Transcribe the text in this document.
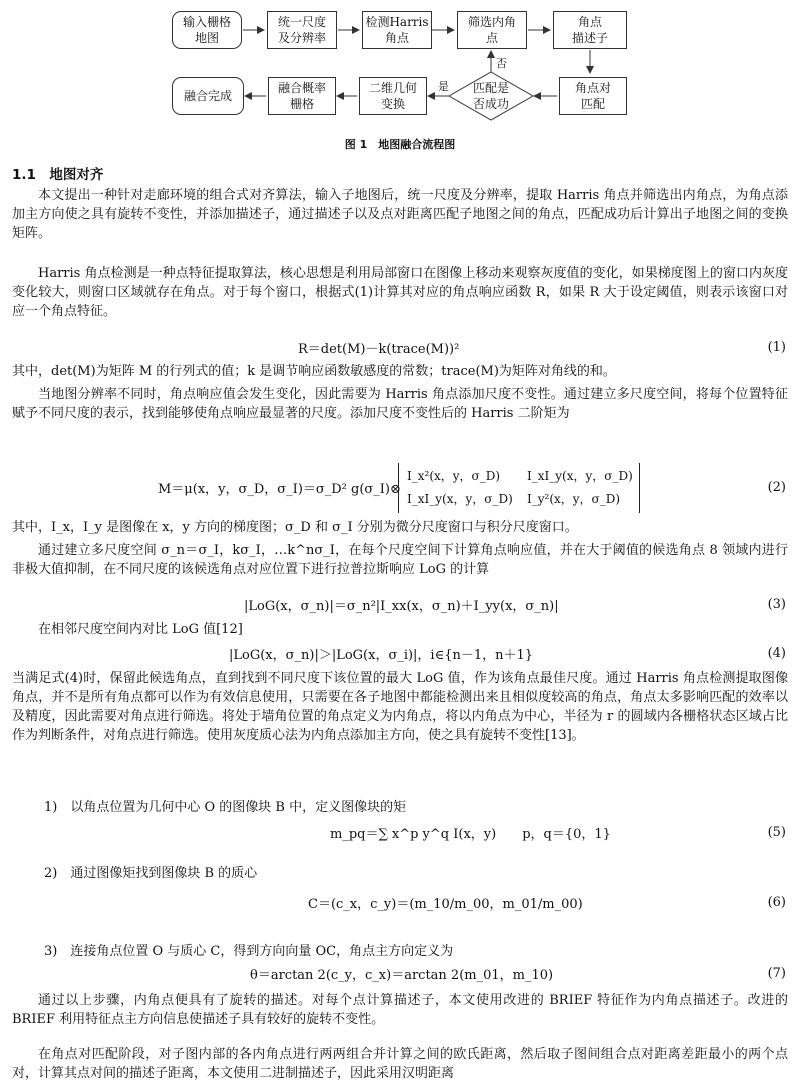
输入栅格
地图
统一尺度
及分辨率
检测Harris
角点
筛选内角
点
角点
描述子
角点对
匹配
匹配是
否成功
二维几何
变换
融合概率
栅格
融合完成
是
否
图 1　地图融合流程图
1.1　地图对齐
本文提出一种针对走廊环境的组合式对齐算法，输入子地图后，统一尺度及分辨率，提取 Harris 角点并筛选出内角点，为角点添加主方向使之具有旋转不变性，并添加描述子，通过描述子以及点对距离匹配子地图之间的角点，匹配成功后计算出子地图之间的变换矩阵。
Harris 角点检测是一种点特征提取算法，核心思想是利用局部窗口在图像上移动来观察灰度值的变化，如果梯度图上的窗口内灰度变化较大，则窗口区域就存在角点。对于每个窗口，根据式(1)计算其对应的角点响应函数 R，如果 R 大于设定阈值，则表示该窗口对应一个角点特征。
R＝det(M)－k(trace(M))²	(1)
其中，det(M)为矩阵 M 的行列式的值；k 是调节响应函数敏感度的常数；trace(M)为矩阵对角线的和。
当地图分辨率不同时，角点响应值会发生变化，因此需要为 Harris 角点添加尺度不变性。通过建立多尺度空间，将每个位置特征赋予不同尺度的表示，找到能够使角点响应最显著的尺度。添加尺度不变性后的 Harris 二阶矩为
M＝μ(x，y，σ_D，σ_I)＝σ_D² g(σ_I)⊗
I_x²(x，y，σ_D) I_xI_y(x，y，σ_D)
I_xI_y(x，y，σ_D) I_y²(x，y，σ_D)
(2)
其中，I_x，I_y 是图像在 x，y 方向的梯度图；σ_D 和 σ_I 分别为微分尺度窗口与积分尺度窗口。
通过建立多尺度空间 σ_n＝σ_I，kσ_I，…k^nσ_I，在每个尺度空间下计算角点响应值，并在大于阈值的候选角点 8 领域内进行非极大值抑制，在不同尺度的该候选角点对应位置下进行拉普拉斯响应 LoG 的计算
|LoG(x，σ_n)|＝σ_n²|I_xx(x，σ_n)＋I_yy(x，σ_n)|	(3)
在相邻尺度空间内对比 LoG 值[12]
|LoG(x，σ_n)|＞|LoG(x，σ_i)|，i∈{n－1，n＋1}	(4)
当满足式(4)时，保留此候选角点，直到找到不同尺度下该位置的最大 LoG 值，作为该角点最佳尺度。通过 Harris 角点检测提取图像角点，并不是所有角点都可以作为有效信息使用，只需要在各子地图中都能检测出来且相似度较高的角点，角点太多影响匹配的效率以及精度，因此需要对角点进行筛选。将处于墙角位置的角点定义为内角点，将以内角点为中心，半径为 r 的圆域内各栅格状态区域占比作为判断条件，对角点进行筛选。使用灰度质心法为内角点添加主方向，使之具有旋转不变性[13]。
1)　以角点位置为几何中心 O 的图像块 B 中，定义图像块的矩
m_pq＝∑ x^p y^q I(x，y)　　p，q＝{0，1}	(5)
2)　通过图像矩找到图像块 B 的质心
C＝(c_x，c_y)＝(m_10/m_00，m_01/m_00)	(6)
3)　连接角点位置 O 与质心 C，得到方向向量 OC，角点主方向定义为
θ＝arctan 2(c_y，c_x)＝arctan 2(m_01，m_10)	(7)
通过以上步骤，内角点便具有了旋转的描述。对每个点计算描述子，本文使用改进的 BRIEF 特征作为内角点描述子。改进的 BRIEF 利用特征点主方向信息使描述子具有较好的旋转不变性。
在角点对匹配阶段，对子图内部的各内角点进行两两组合并计算之间的欧氏距离，然后取子图间组合点对距离差距最小的两个点对，计算其点对间的描述子距离，本文使用二进制描述子，因此采用汉明距离
